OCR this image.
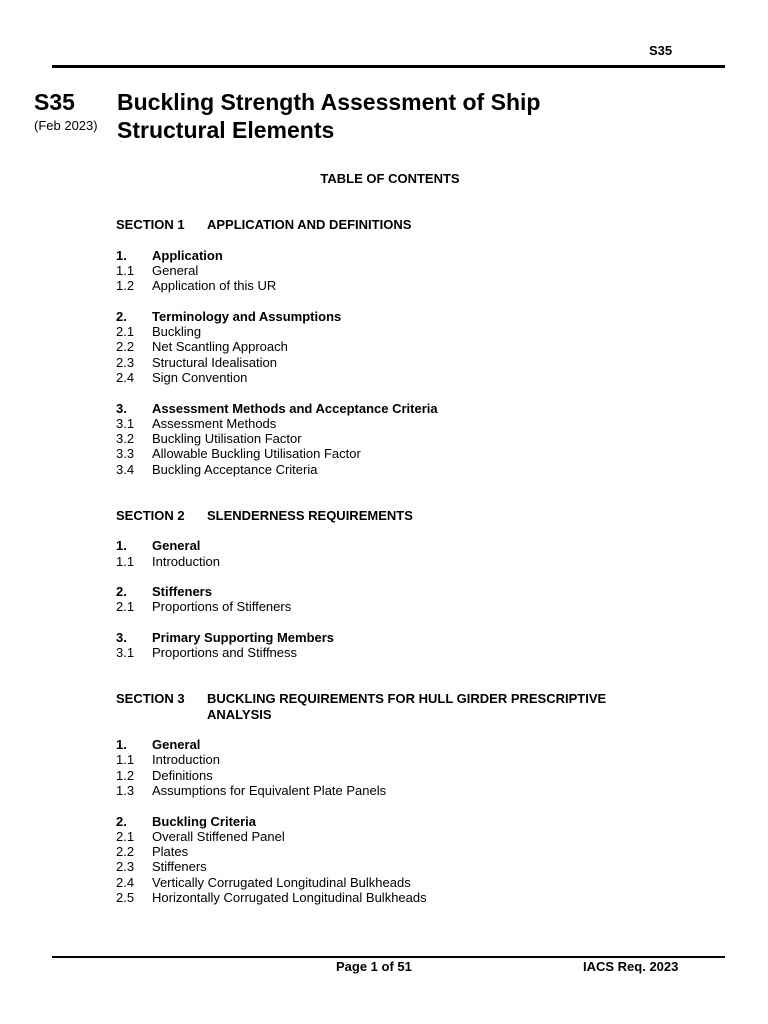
S35
S35
(Feb 2023)
Buckling Strength Assessment of Ship
Structural Elements
TABLE OF CONTENTS
SECTION 1 APPLICATION AND DEFINITIONS
1. Application
1.1 General
1.2 Application of this UR
2. Terminology and Assumptions
2.1 Buckling
2.2 Net Scantling Approach
2.3 Structural Idealisation
2.4 Sign Convention
3. Assessment Methods and Acceptance Criteria
3.1 Assessment Methods
3.2 Buckling Utilisation Factor
3.3 Allowable Buckling Utilisation Factor
3.4 Buckling Acceptance Criteria
SECTION 2 SLENDERNESS REQUIREMENTS
1. General
1.1 Introduction
2. Stiffeners
2.1 Proportions of Stiffeners
3. Primary Supporting Members
3.1 Proportions and Stiffness
SECTION 3 BUCKLING REQUIREMENTS FOR HULL GIRDER PRESCRIPTIVE
ANALYSIS
1. General
1.1 Introduction
1.2 Definitions
1.3 Assumptions for Equivalent Plate Panels
2. Buckling Criteria
2.1 Overall Stiffened Panel
2.2 Plates
2.3 Stiffeners
2.4 Vertically Corrugated Longitudinal Bulkheads
2.5 Horizontally Corrugated Longitudinal Bulkheads
Page 1 of 51	IACS Req. 2023
